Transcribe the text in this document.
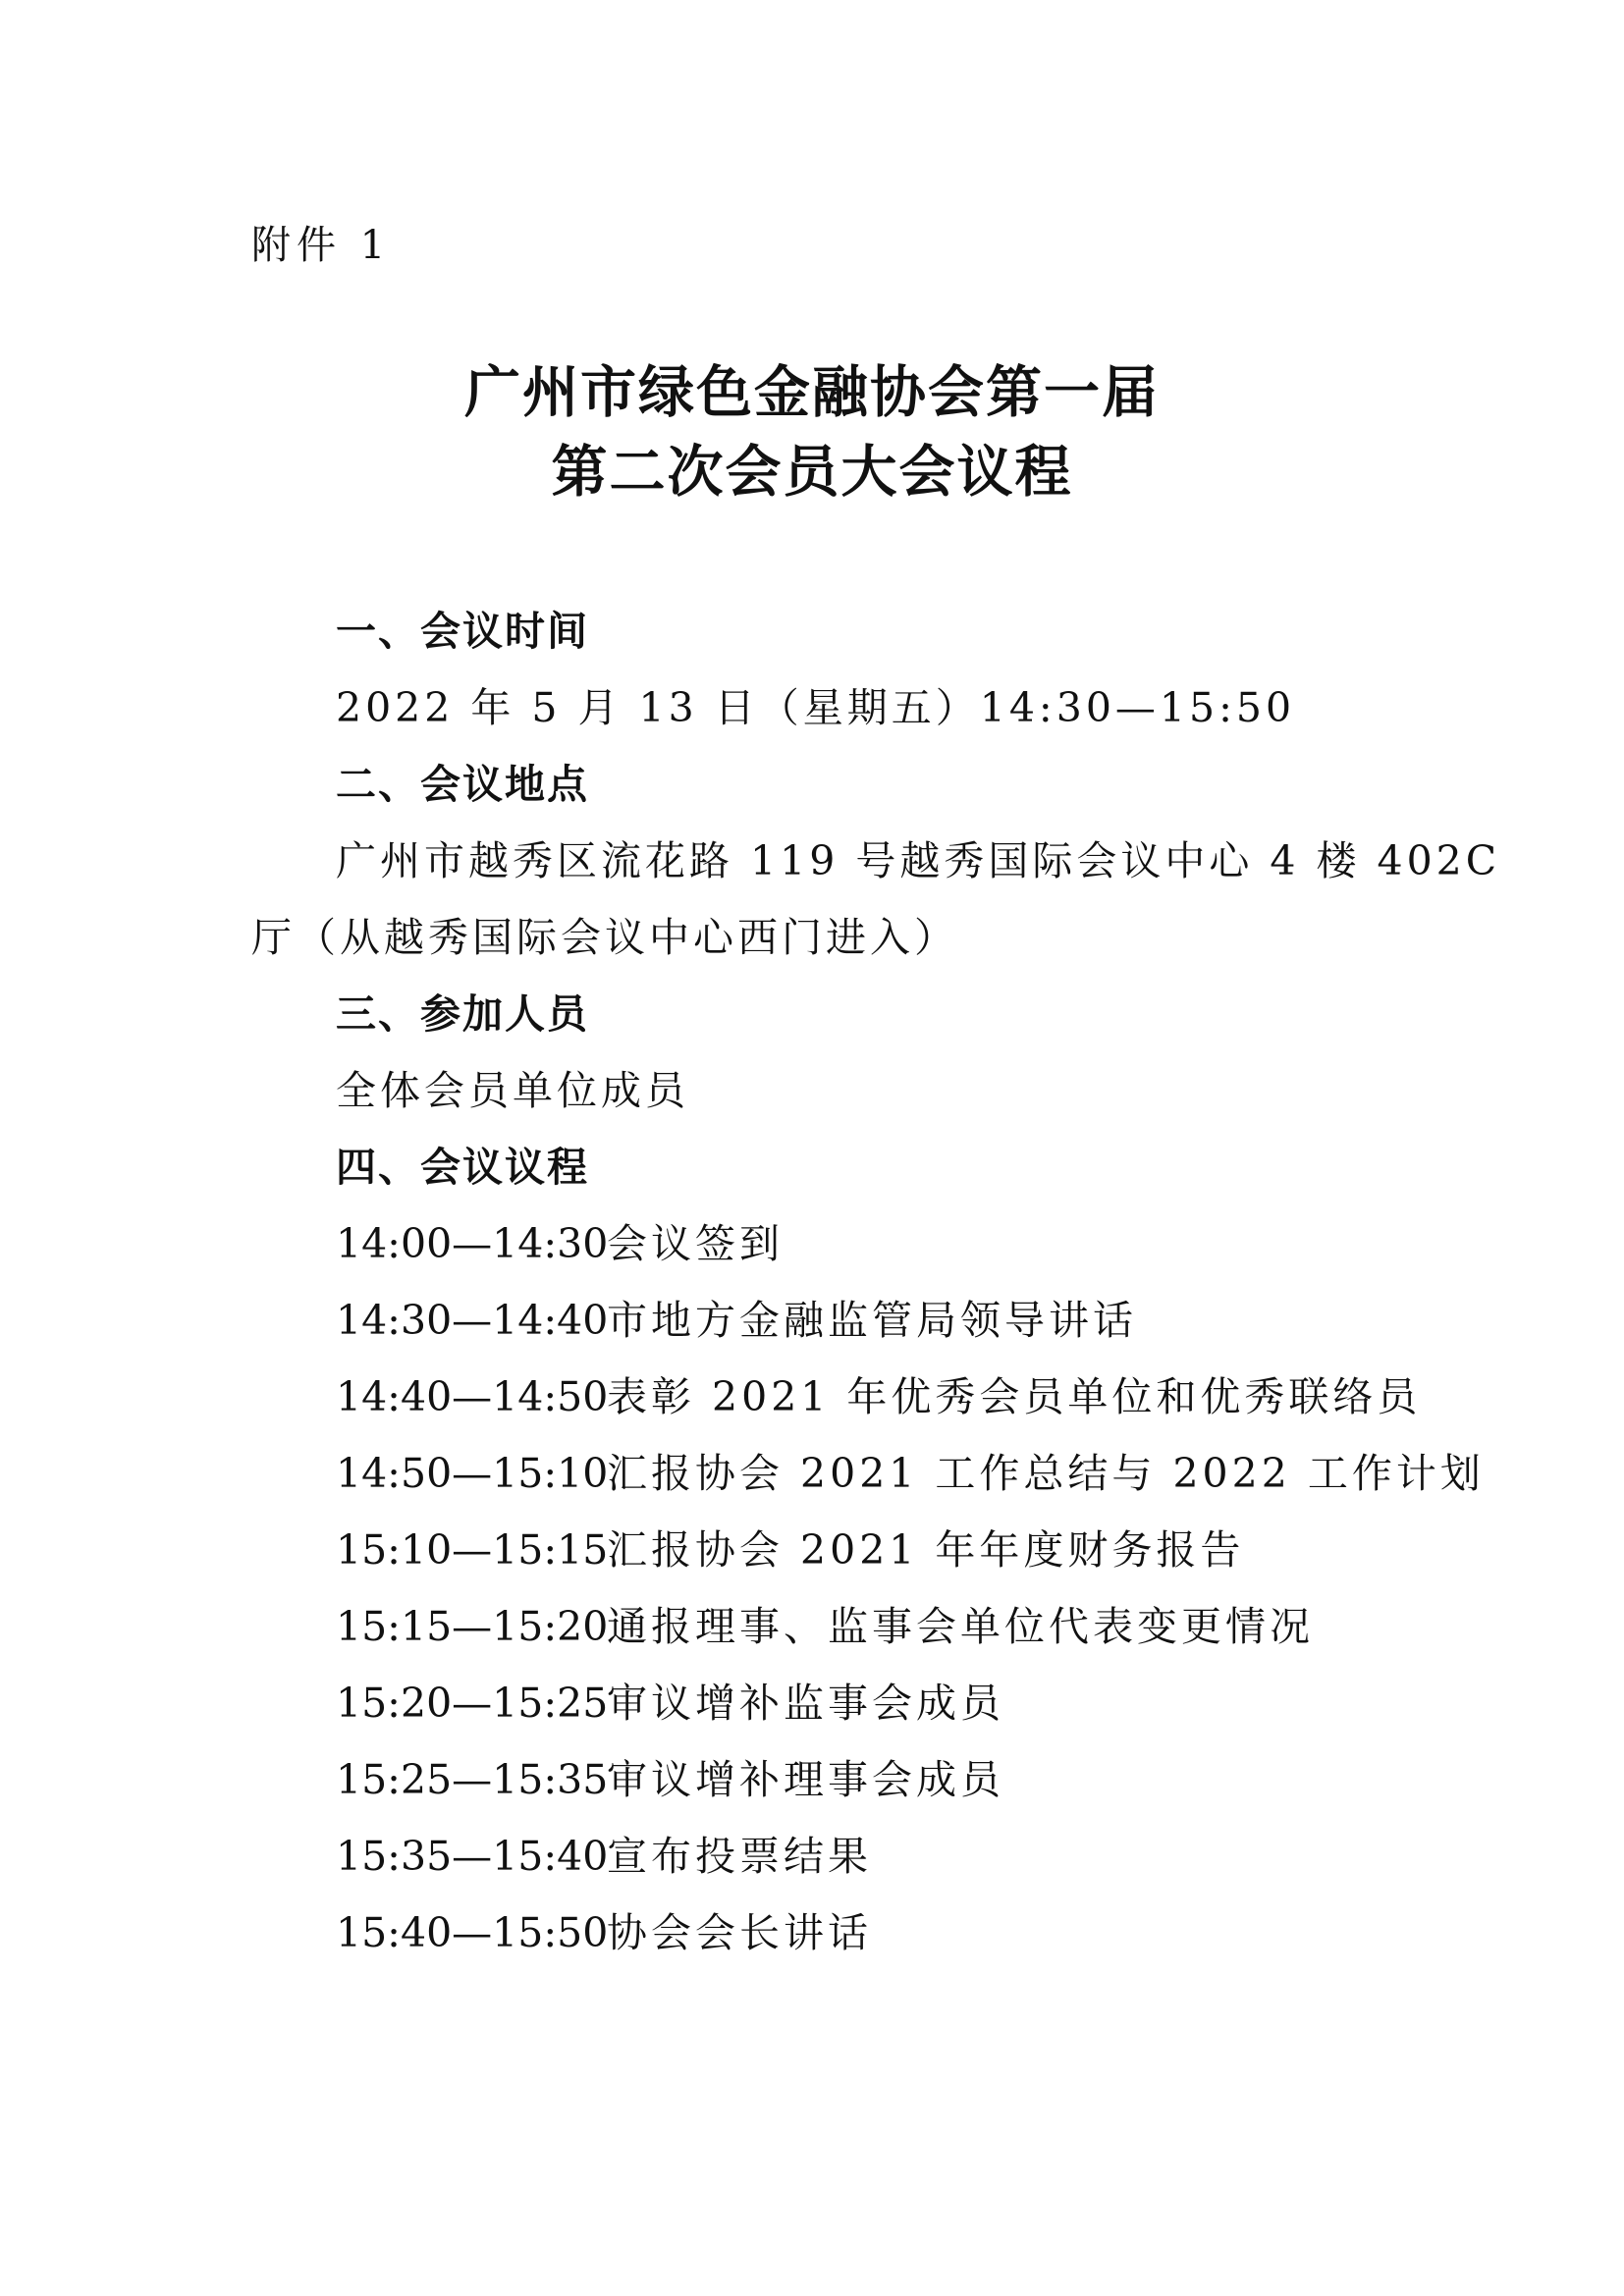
附件 1
广州市绿色金融协会第一届
第二次会员大会议程
一、会议时间
2022 年 5 月 13 日（星期五）14:30—15:50
二、会议地点
广州市越秀区流花路 119 号越秀国际会议中心 4 楼 402C
厅（从越秀国际会议中心西门进入）
三、参加人员
全体会员单位成员
四、会议议程
14:00—14:30
会议签到
14:30—14:40
市地方金融监管局领导讲话
14:40—14:50
表彰 2021 年优秀会员单位和优秀联络员
14:50—15:10
汇报协会 2021 工作总结与 2022 工作计划
15:10—15:15
汇报协会 2021 年年度财务报告
15:15—15:20
通报理事、监事会单位代表变更情况
15:20—15:25
审议增补监事会成员
15:25—15:35
审议增补理事会成员
15:35—15:40
宣布投票结果
15:40—15:50
协会会长讲话
